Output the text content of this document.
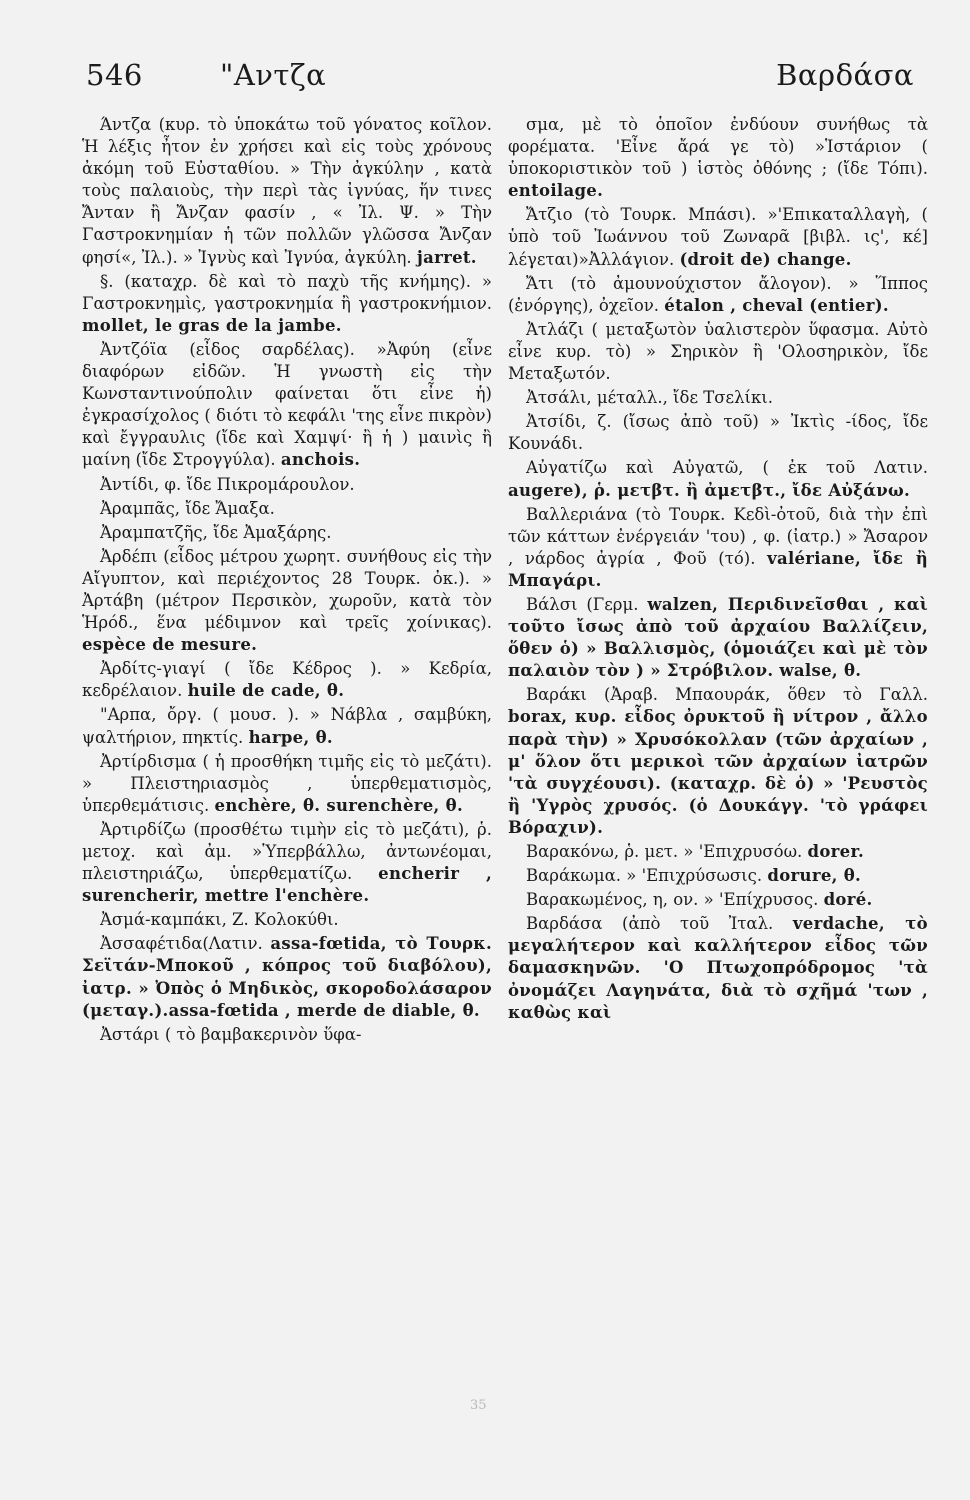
546	"Αντζα	Βαρδάσα

Άντζα (κυρ. τὸ ὑποκάτω τοῦ γόνατος κοῖλον. Ἡ λέξις ἦτον ἐν χρήσει καὶ εἰς τοὺς χρόνους ἀκόμη τοῦ Εὐσταθίου. » Τὴν ἀγκύλην , κατὰ τοὺς παλαιοὺς, τὴν περὶ τὰς ἰγνύας, ἥν τινες Ἄνταν ἢ Ἄνζαν φασίν , « Ἰλ. Ψ. » Τὴν Γαστροκνημίαν ἡ τῶν πολλῶν γλῶσσα Ἄνζαν φησί«, Ἰλ.). » Ἰγνὺς καὶ Ἰγνύα, ἀγκύλη. jarret.

§. (καταχρ. δὲ καὶ τὸ παχὺ τῆς κνήμης). » Γαστροκνημὶς, γαστροκνημία ἢ γαστροκνήμιον. mollet, le gras de la jambe.

Ἀντζόϊα (εἶδος σαρδέλας). »Ἀφύη (εἶνε διαφόρων εἰδῶν. Ἡ γνωστὴ εἰς τὴν Κωνσταντινούπολιν φαίνεται ὅτι εἶνε ἡ) ἐγκρασίχολος ( διότι τὸ κεφάλι 'της εἶνε πικρὸν) καὶ ἔγγραυλις (ἴδε καὶ Χαμψί· ἢ ἡ ) μαινὶς ἢ μαίνη (ἴδε Στρογγύλα). anchois.

Ἀντίδι, φ. ἴδε Πικρομάρουλον.

Ἀραμπᾶς, ἴδε Ἄμαξα.

Ἀραμπατζῆς, ἴδε Ἀμαξάρης.

Ἀρδέπι (εἶδος μέτρου χωρητ. συνήθους εἰς τὴν Αἴγυπτον, καὶ περιέχοντος 28 Τουρκ. ὀκ.). » Ἀρτάβη (μέτρον Περσικὸν, χωροῦν, κατὰ τὸν Ἡρόδ., ἕνα μέδιμνον καὶ τρεῖς χοίνικας). espèce de mesure.

Ἀρδίτς-γιαγί ( ἴδε Κέδρος ). » Κεδρία, κεδρέλαιον. huile de cade, θ.

"Αρπα, ὄργ. ( μουσ. ). » Νάβλα , σαμβύκη, ψαλτήριον, πηκτίς. harpe, θ.

Ἀρτίρδισμα ( ἡ προσθήκη τιμῆς εἰς τὸ μεζάτι). » Πλειστηριασμὸς , ὑπερθεματισμὸς, ὑπερθεμάτισις. enchère, θ. surenchère, θ.

Ἀρτιρδίζω (προσθέτω τιμὴν εἰς τὸ μεζάτι), ῥ. μετοχ. καὶ ἀμ. »Ὑπερβάλλω, ἀντωνέομαι, πλειστηριάζω, ὑπερθεματίζω. encherir , surencherir, mettre l'enchère.

Ἀσμά-καμπάκι, Ζ. Κολοκύθι.

Ἀσσαφέτιδα(Λατιν. assa-fœtida, τὸ Τουρκ. Σεϊτάν-Μποκοῦ , κόπρος τοῦ διαβόλου), ἰατρ. » Ὀπὸς ὁ Μηδικὸς, σκοροδολάσαρον (μεταγ.).assa-fœtida , merde de diable, θ.

Ἀστάρι ( τὸ βαμβακερινὸν ὕφα-

σμα, μὲ τὸ ὁποῖον ἐνδύουν συνήθως τὰ φορέματα. 'Εἶνε ἄρά γε τὸ) »Ἱστάριον ( ὑποκοριστικὸν τοῦ ) ἱστὸς ὀθόνης ; (ἴδε Τόπι). entoilage.

Ἄτζιο (τὸ Τουρκ. Μπάσι). »'Επικαταλλαγὴ, ( ὑπὸ τοῦ Ἰωάννου τοῦ Ζωναρᾶ [βιβλ. ις', κέ] λέγεται)»Ἀλλάγιον. (droit de) change.

Ἄτι (τὸ ἀμουνούχιστον ἄλογον). » Ἵππος (ἐνόργης), ὀχεῖον. étalon , cheval (entier).

Ἀτλάζι ( μεταξωτὸν ὑαλιστερὸν ὕφασμα. Αὐτὸ εἶνε κυρ. τὸ) » Σηρικὸν ἢ 'Ολοσηρικὸν, ἴδε Μεταξωτόν.

Ἀτσάλι, μέταλλ., ἴδε Τσελίκι.

Ἀτσίδι, ζ. (ἴσως ἀπὸ τοῦ) » Ἰκτὶς -ίδος, ἴδε Κουνάδι.

Αὐγατίζω καὶ Αὐγατῶ, ( ἐκ τοῦ Λατιν. augere), ῥ. μετβτ. ἢ ἀμετβτ., ἴδε Αὐξάνω.

Βαλλεριάνα (τὸ Τουρκ. Κεδὶ-ὀτοῦ, διὰ τὴν ἐπὶ τῶν κάττων ἐνέργειάν 'του) , φ. (ἰατρ.) » Ἄσαρον , νάρδος ἀγρία , Φοῦ (τό). valériane, ἴδε ἢ Μπαγάρι.

Βάλσι (Γερμ. walzen, Περιδινεῖσθαι , καὶ τοῦτο ἴσως ἀπὸ τοῦ ἀρχαίου Βαλλίζειν, ὅθεν ὁ) » Βαλλισμὸς, (ὁμοιάζει καὶ μὲ τὸν παλαιὸν τὸν ) » Στρόβιλον. walse, θ.

Βαράκι (Ἀραβ. Μπαουράκ, ὅθεν τὸ Γαλλ. borax, κυρ. εἶδος ὀρυκτοῦ ἢ νίτρον , ἄλλο παρὰ τὴν) » Χρυσόκολλαν (τῶν ἀρχαίων , μ' ὅλον ὅτι μερικοὶ τῶν ἀρχαίων ἰατρῶν 'τὰ συγχέουσι). (καταχρ. δὲ ὁ) » 'Ρευστὸς ἢ 'Υγρὸς χρυσός. (ὁ Δουκάγγ. 'τὸ γράφει Βόραχιν).

Βαρακόνω, ῥ. μετ. » 'Επιχρυσόω. dorer.

Βαράκωμα. » 'Επιχρύσωσις. dorure, θ.

Βαρακωμένος, η, ον. » 'Επίχρυσος. doré.

Βαρδάσα (ἀπὸ τοῦ Ἰταλ. verdache, τὸ μεγαλήτερον καὶ καλλήτερον εἶδος τῶν δαμασκηνῶν. 'Ο Πτωχοπρόδρομος 'τὰ ὀνομάζει Λαγηνάτα, διὰ τὸ σχῆμά 'των , καθὼς καὶ

35
